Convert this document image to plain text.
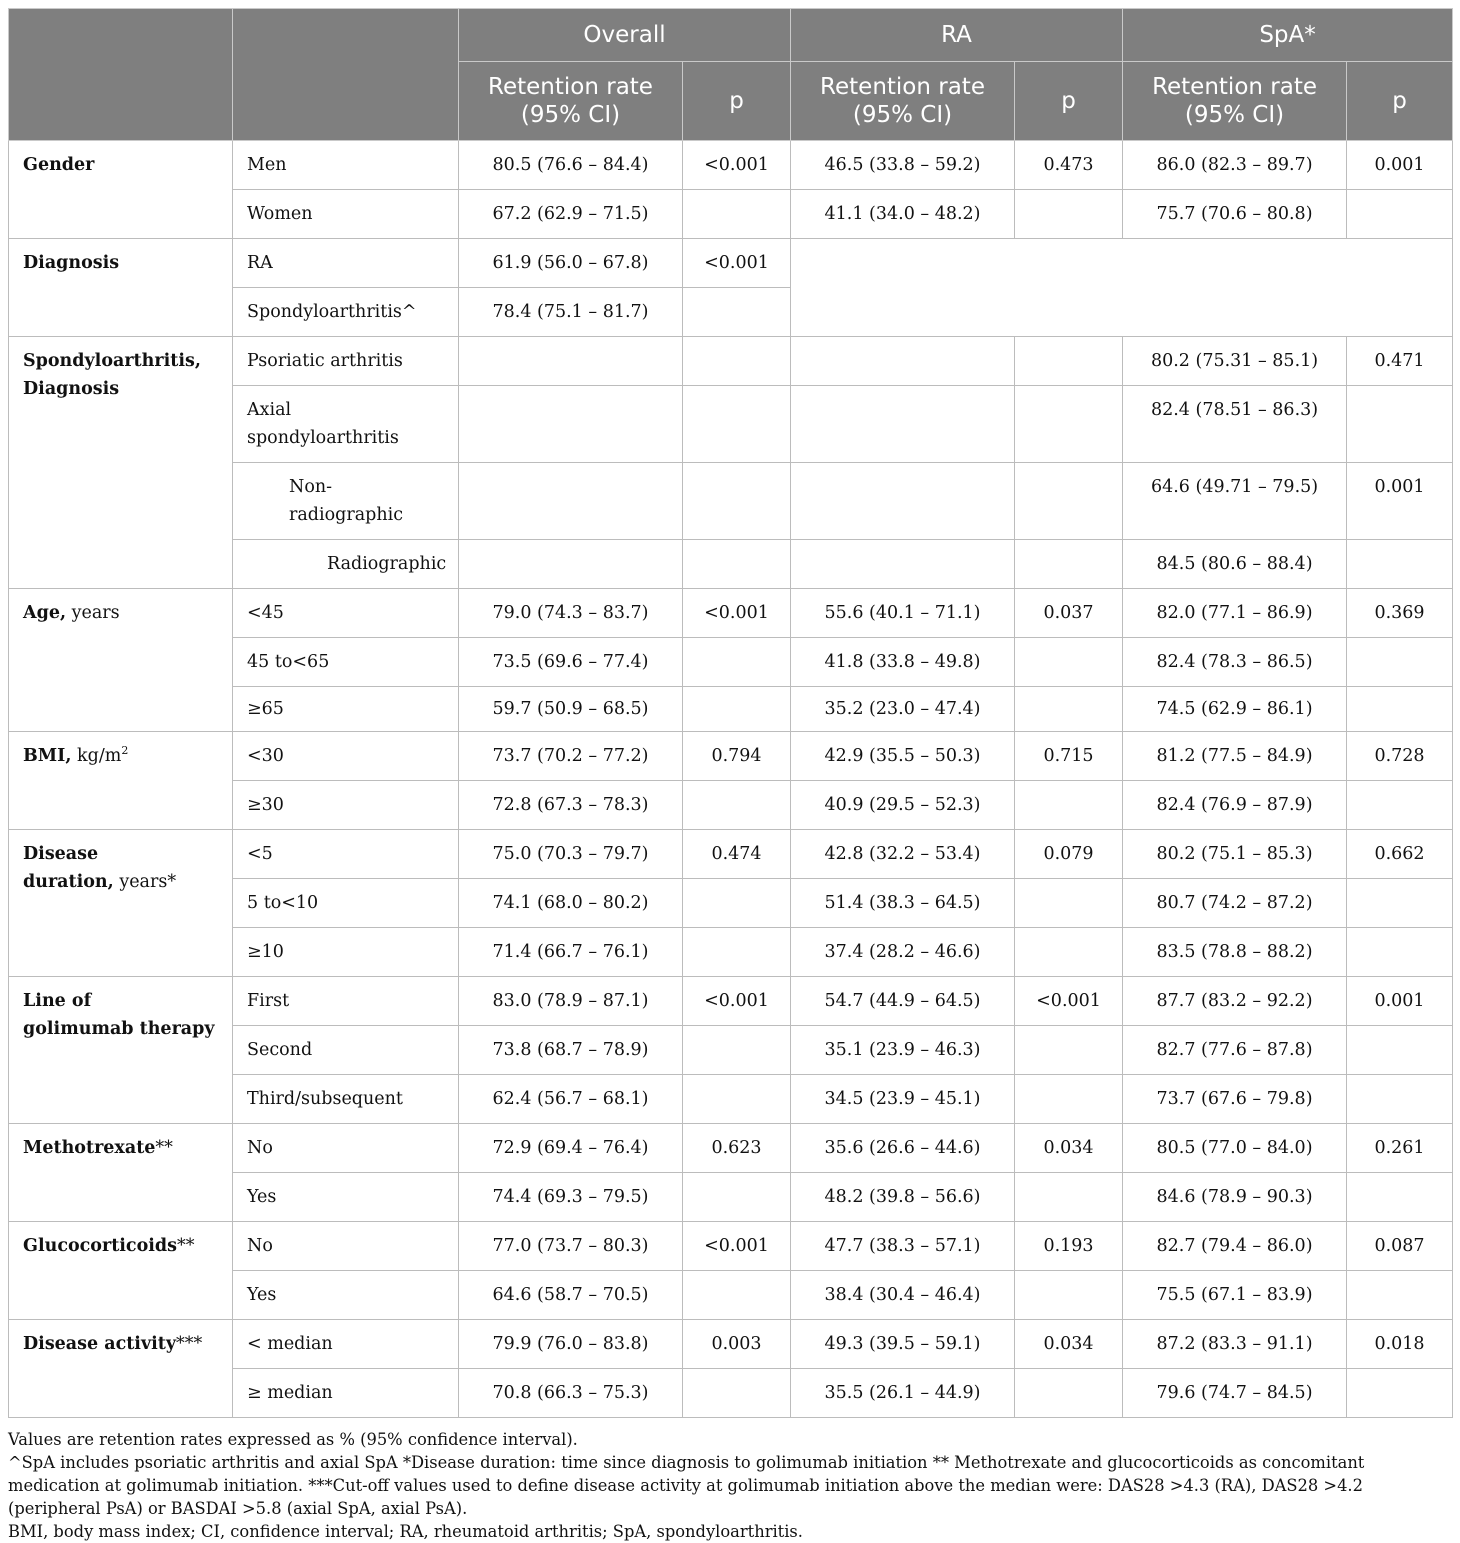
		Overall		RA		SpA*	
		Retention rate
(95% CI)	p	Retention rate
(95% CI)	p	Retention rate
(95% CI)	p
Gender	Men	80.5 (76.6 – 84.4)	<0.001	46.5 (33.8 – 59.2)	0.473	86.0 (82.3 – 89.7)	0.001
	Women	67.2 (62.9 – 71.5)		41.1 (34.0 – 48.2)		75.7 (70.6 – 80.8)	
Diagnosis	RA	61.9 (56.0 – 67.8)	<0.001				
	Spondyloarthritis^	78.4 (75.1 – 81.7)					
Spondyloarthritis,
Diagnosis	Psoriatic arthritis					80.2 (75.31 – 85.1)	0.471
	Axial spondyloarthritis					82.4 (78.51 – 86.3)	
	Non-radiographic					64.6 (49.71 – 79.5)	0.001
	Radiographic					84.5 (80.6 – 88.4)	
Age, years	<45	79.0 (74.3 – 83.7)	<0.001	55.6 (40.1 – 71.1)	0.037	82.0 (77.1 – 86.9)	0.369
	45 to<65	73.5 (69.6 – 77.4)		41.8 (33.8 – 49.8)		82.4 (78.3 – 86.5)	
	≥65	59.7 (50.9 – 68.5)		35.2 (23.0 – 47.4)		74.5 (62.9 – 86.1)	
BMI, $kg/m^2$	<30	73.7 (70.2 – 77.2)	0.794	42.9 (35.5 – 50.3)	0.715	81.2 (77.5 – 84.9)	0.728
	≥30	72.8 (67.3 – 78.3)		40.9 (29.5 – 52.3)		82.4 (76.9 – 87.9)	
Disease
duration, years*	<5	75.0 (70.3 – 79.7)	0.474	42.8 (32.2 – 53.4)	0.079	80.2 (75.1 – 85.3)	0.662
	5 to<10	74.1 (68.0 – 80.2)		51.4 (38.3 – 64.5)		80.7 (74.2 – 87.2)	
	≥10	71.4 (66.7 – 76.1)		37.4 (28.2 – 46.6)		83.5 (78.8 – 88.2)	
Line of
golimumab therapy	First	83.0 (78.9 – 87.1)	<0.001	54.7 (44.9 – 64.5)	<0.001	87.7 (83.2 – 92.2)	0.001
	Second	73.8 (68.7 – 78.9)		35.1 (23.9 – 46.3)		82.7 (77.6 – 87.8)	
	Third/subsequent	62.4 (56.7 – 68.1)		34.5 (23.9 – 45.1)		73.7 (67.6 – 79.8)	
Methotrexate**	No	72.9 (69.4 – 76.4)	0.623	35.6 (26.6 – 44.6)	0.034	80.5 (77.0 – 84.0)	0.261
	Yes	74.4 (69.3 – 79.5)		48.2 (39.8 – 56.6)		84.6 (78.9 – 90.3)	
Glucocorticoids**	No	77.0 (73.7 – 80.3)	<0.001	47.7 (38.3 – 57.1)	0.193	82.7 (79.4 – 86.0)	0.087
	Yes	64.6 (58.7 – 70.5)		38.4 (30.4 – 46.4)		75.5 (67.1 – 83.9)	
Disease activity***	< median	79.9 (76.0 – 83.8)	0.003	49.3 (39.5 – 59.1)	0.034	87.2 (83.3 – 91.1)	0.018
	≥ median	70.8 (66.3 – 75.3)		35.5 (26.1 – 44.9)		79.6 (74.7 – 84.5)	

Values are retention rates expressed as % (95% confidence interval).

^SpA includes psoriatic arthritis and axial SpA *Disease duration: time since diagnosis to golimumab initiation ** Methotrexate and glucocorticoids as concomitant medication at golimumab initiation. ***Cut-off values used to define disease activity at golimumab initiation above the median were: DAS28 >4.3 (RA), DAS28 >4.2 (peripheral PsA) or BASDAI >5.8 (axial SpA, axial PsA).

BMI, body mass index; CI, confidence interval; RA, rheumatoid arthritis; SpA, spondyloarthritis.
